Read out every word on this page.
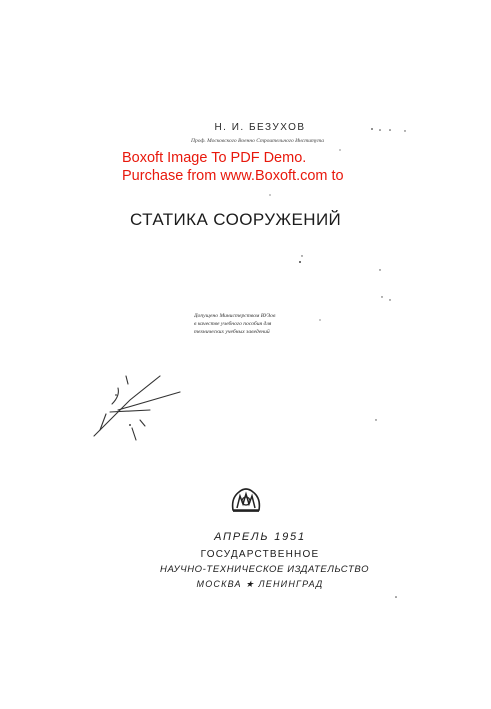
Н. И. БЕЗУХОВ
Проф. Московского Военно Строительного Института
Boxoft Image To PDF Demo.
Purchase from www.Boxoft.com to
СТАТИКА СООРУЖЕНИЙ
Допущено Министерством ВУЗов
в качестве учебного пособия для
технических учебных заведений
АПРЕЛЬ 1951
ГОСУДАРСТВЕННОЕ
НАУЧНО-ТЕХНИЧЕСКОЕ ИЗДАТЕЛЬСТВО
МОСКВА ★ ЛЕНИНГРАД
